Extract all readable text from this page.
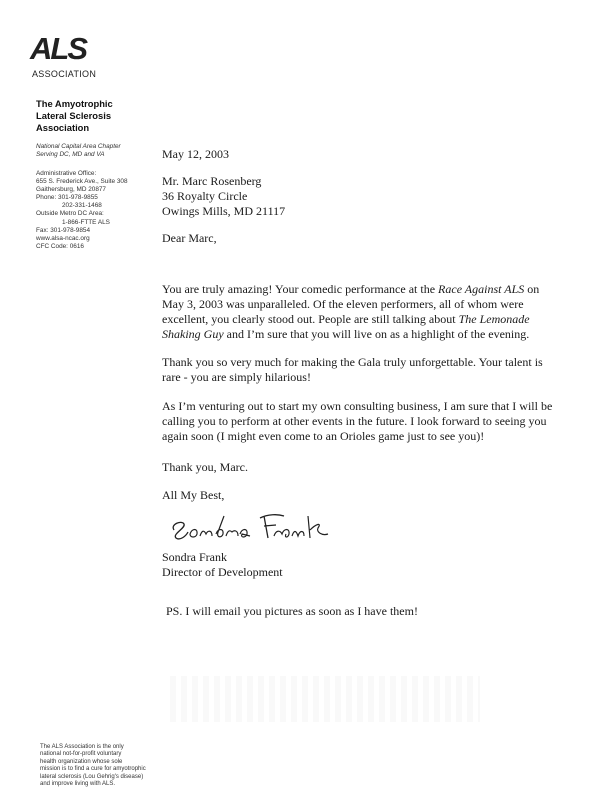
ALS
ASSOCIATION
The Amyotrophic
Lateral Sclerosis
Association
National Capital Area Chapter
Serving DC, MD and VA
Administrative Office:
655 S. Frederick Ave., Suite 308
Gaithersburg, MD 20877
Phone: 301-978-9855
202-331-1468
Outside Metro DC Area:
1-866-FTTE ALS
Fax: 301-978-9854
www.alsa-ncac.org
CFC Code: 0616
May 12, 2003
Mr. Marc Rosenberg
36 Royalty Circle
Owings Mills, MD 21117
Dear Marc,

You are truly amazing! Your comedic performance at the Race Against ALS on May 3, 2003 was unparalleled. Of the eleven performers, all of whom were excellent, you clearly stood out. People are still talking about The Lemonade Shaking Guy and I’m sure that you will live on as a highlight of the evening.

Thank you so very much for making the Gala truly unforgettable. Your talent is rare - you are simply hilarious!

As I’m venturing out to start my own consulting business, I am sure that I will be calling you to perform at other events in the future. I look forward to seeing you again soon (I might even come to an Orioles game just to see you)!

Thank you, Marc.
All My Best,
Sondra Frank
Director of Development
PS. I will email you pictures as soon as I have them!
The ALS Association is the only
national not-for-profit voluntary
health organization whose sole
mission is to find a cure for amyotrophic
lateral sclerosis (Lou Gehrig's disease)
and improve living with ALS.
